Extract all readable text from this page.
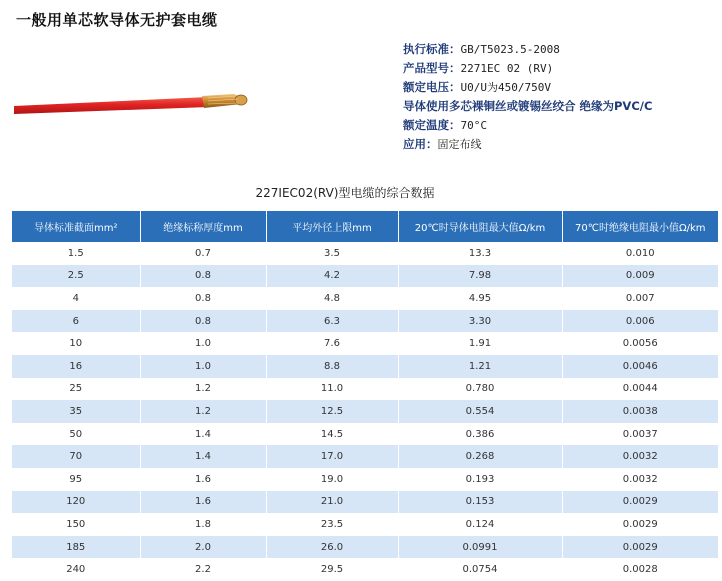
一般用单芯软导体无护套电缆
执行标准：GB/T5023.5-2008
产品型号：2271EC 02 (RV)
额定电压：U0/U为450/750V
导体使用多芯裸铜丝或镀锡丝绞合 绝缘为PVC/C
额定温度：70°C
应用：固定布线
227IEC02(RV)型电缆的综合数据
导体标准截面mm²	绝缘标称厚度mm	平均外径上限mm	20℃时导体电阻最大值Ω/km	70℃时绝缘电阻最小值Ω/km
1.5	0.7	3.5	13.3	0.010
2.5	0.8	4.2	7.98	0.009
4	0.8	4.8	4.95	0.007
6	0.8	6.3	3.30	0.006
10	1.0	7.6	1.91	0.0056
16	1.0	8.8	1.21	0.0046
25	1.2	11.0	0.780	0.0044
35	1.2	12.5	0.554	0.0038
50	1.4	14.5	0.386	0.0037
70	1.4	17.0	0.268	0.0032
95	1.6	19.0	0.193	0.0032
120	1.6	21.0	0.153	0.0029
150	1.8	23.5	0.124	0.0029
185	2.0	26.0	0.0991	0.0029
240	2.2	29.5	0.0754	0.0028
